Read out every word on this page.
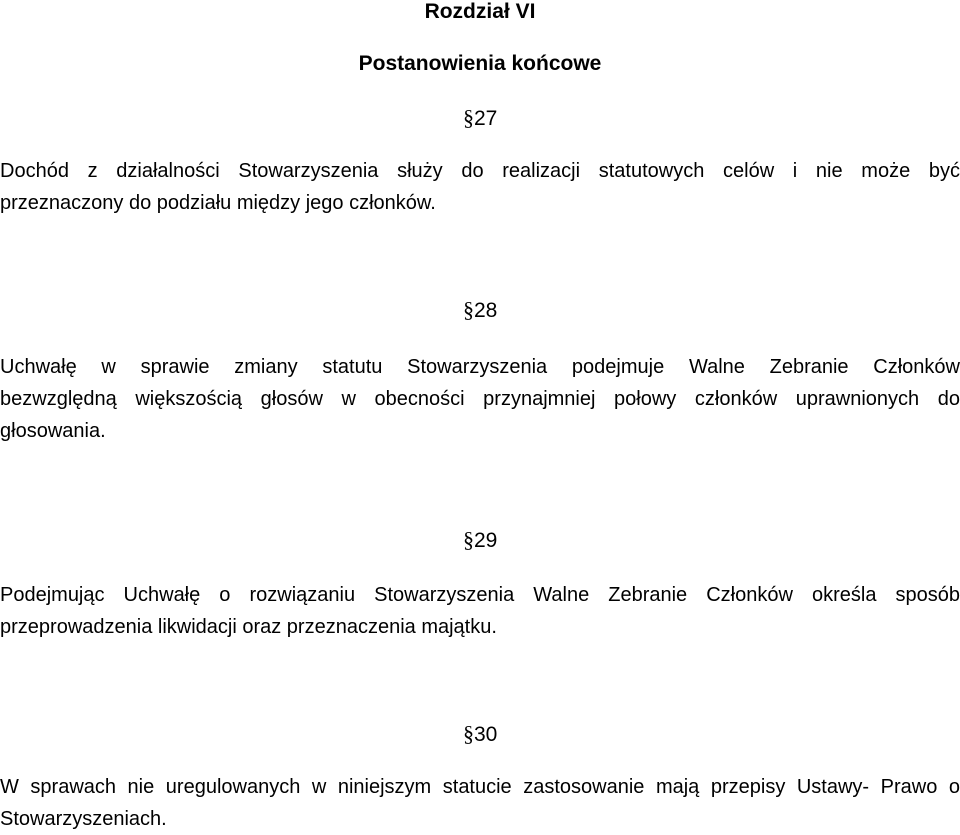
Rozdział VI
Postanowienia końcowe

§27

Dochód z działalności Stowarzyszenia służy do realizacji statutowych celów i nie może być
przeznaczony do podziału między jego członków.

§28

Uchwałę w sprawie zmiany statutu Stowarzyszenia podejmuje Walne Zebranie Członków
bezwzględną większością głosów w obecności przynajmniej połowy członków uprawnionych do
głosowania.

§29

Podejmując Uchwałę o rozwiązaniu Stowarzyszenia Walne Zebranie Członków określa sposób
przeprowadzenia likwidacji oraz przeznaczenia majątku.

§30

W sprawach nie uregulowanych w niniejszym statucie zastosowanie mają przepisy Ustawy- Prawo o
Stowarzyszeniach.
